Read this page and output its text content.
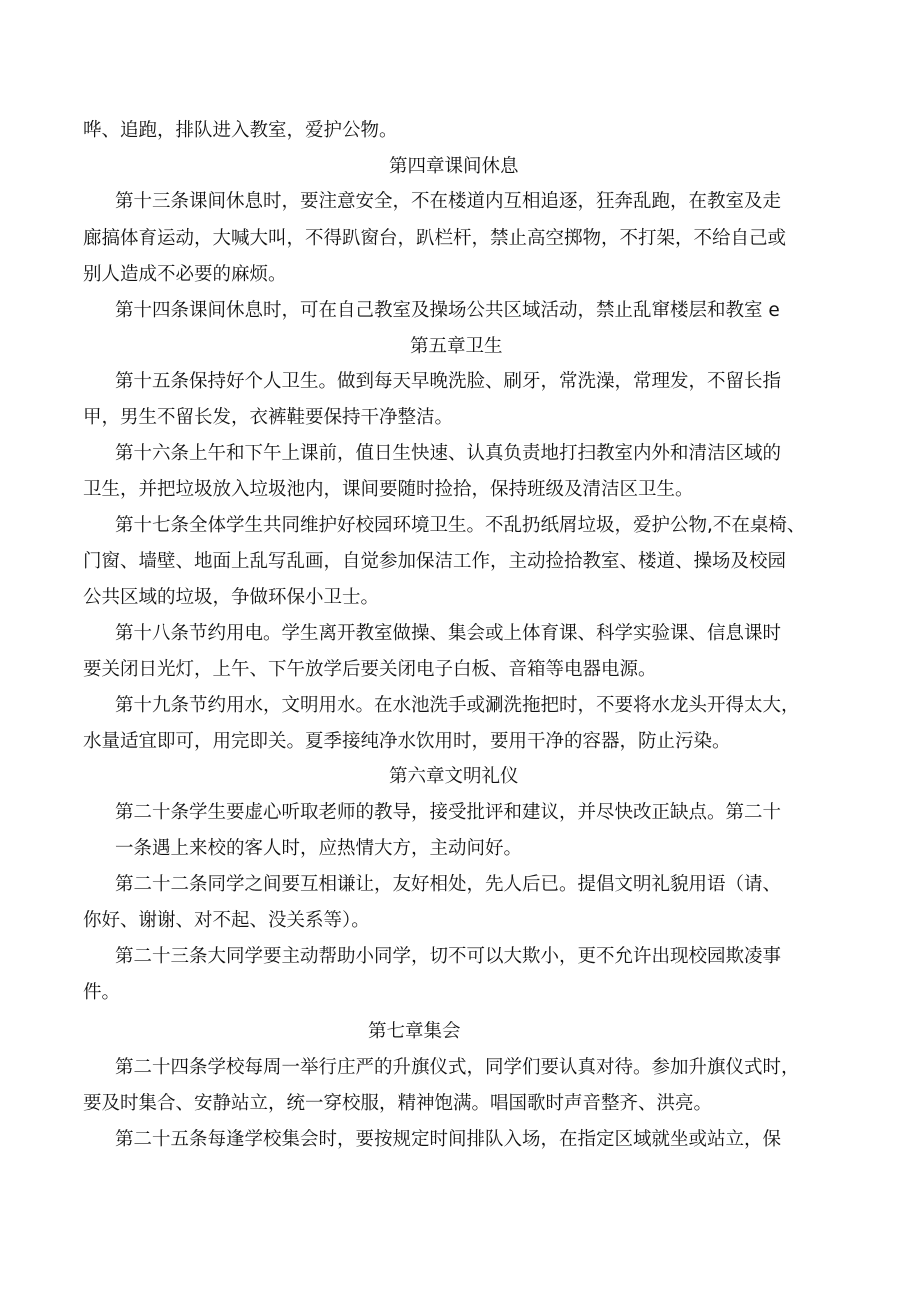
哗、追跑，排队进入教室，爱护公物。
第四章课间休息
第十三条课间休息时，要注意安全，不在楼道内互相追逐，狂奔乱跑，在教室及走
廊搞体育运动，大喊大叫，不得趴窗台，趴栏杆，禁止高空掷物，不打架，不给自己或
别人造成不必要的麻烦。
第十四条课间休息时，可在自己教室及操场公共区域活动，禁止乱窜楼层和教室 e
第五章卫生
第十五条保持好个人卫生。做到每天早晚洗脸、刷牙，常洗澡，常理发，不留长指
甲，男生不留长发，衣裤鞋要保持干净整洁。
第十六条上午和下午上课前，值日生快速、认真负责地打扫教室内外和清洁区域的
卫生，并把垃圾放入垃圾池内，课间要随时捡拾，保持班级及清洁区卫生。
第十七条全体学生共同维护好校园环境卫生。不乱扔纸屑垃圾，爱护公物,不在桌椅、
门窗、墙壁、地面上乱写乱画，自觉参加保洁工作，主动捡拾教室、楼道、操场及校园
公共区域的垃圾，争做环保小卫士。
第十八条节约用电。学生离开教室做操、集会或上体育课、科学实验课、信息课时
要关闭日光灯，上午、下午放学后要关闭电子白板、音箱等电器电源。
第十九条节约用水，文明用水。在水池洗手或涮洗拖把时，不要将水龙头开得太大，
水量适宜即可，用完即关。夏季接纯净水饮用时，要用干净的容器，防止污染。
第六章文明礼仪
第二十条学生要虚心听取老师的教导，接受批评和建议，并尽快改正缺点。第二十
一条遇上来校的客人时，应热情大方，主动问好。
第二十二条同学之间要互相谦让，友好相处，先人后已。提倡文明礼貌用语（请、
你好、谢谢、对不起、没关系等）。
第二十三条大同学要主动帮助小同学，切不可以大欺小，更不允许出现校园欺凌事
件。
第七章集会
第二十四条学校每周一举行庄严的升旗仪式，同学们要认真对待。参加升旗仪式时，
要及时集合、安静站立，统一穿校服，精神饱满。唱国歌时声音整齐、洪亮。
第二十五条每逢学校集会时，要按规定时间排队入场，在指定区域就坐或站立，保
